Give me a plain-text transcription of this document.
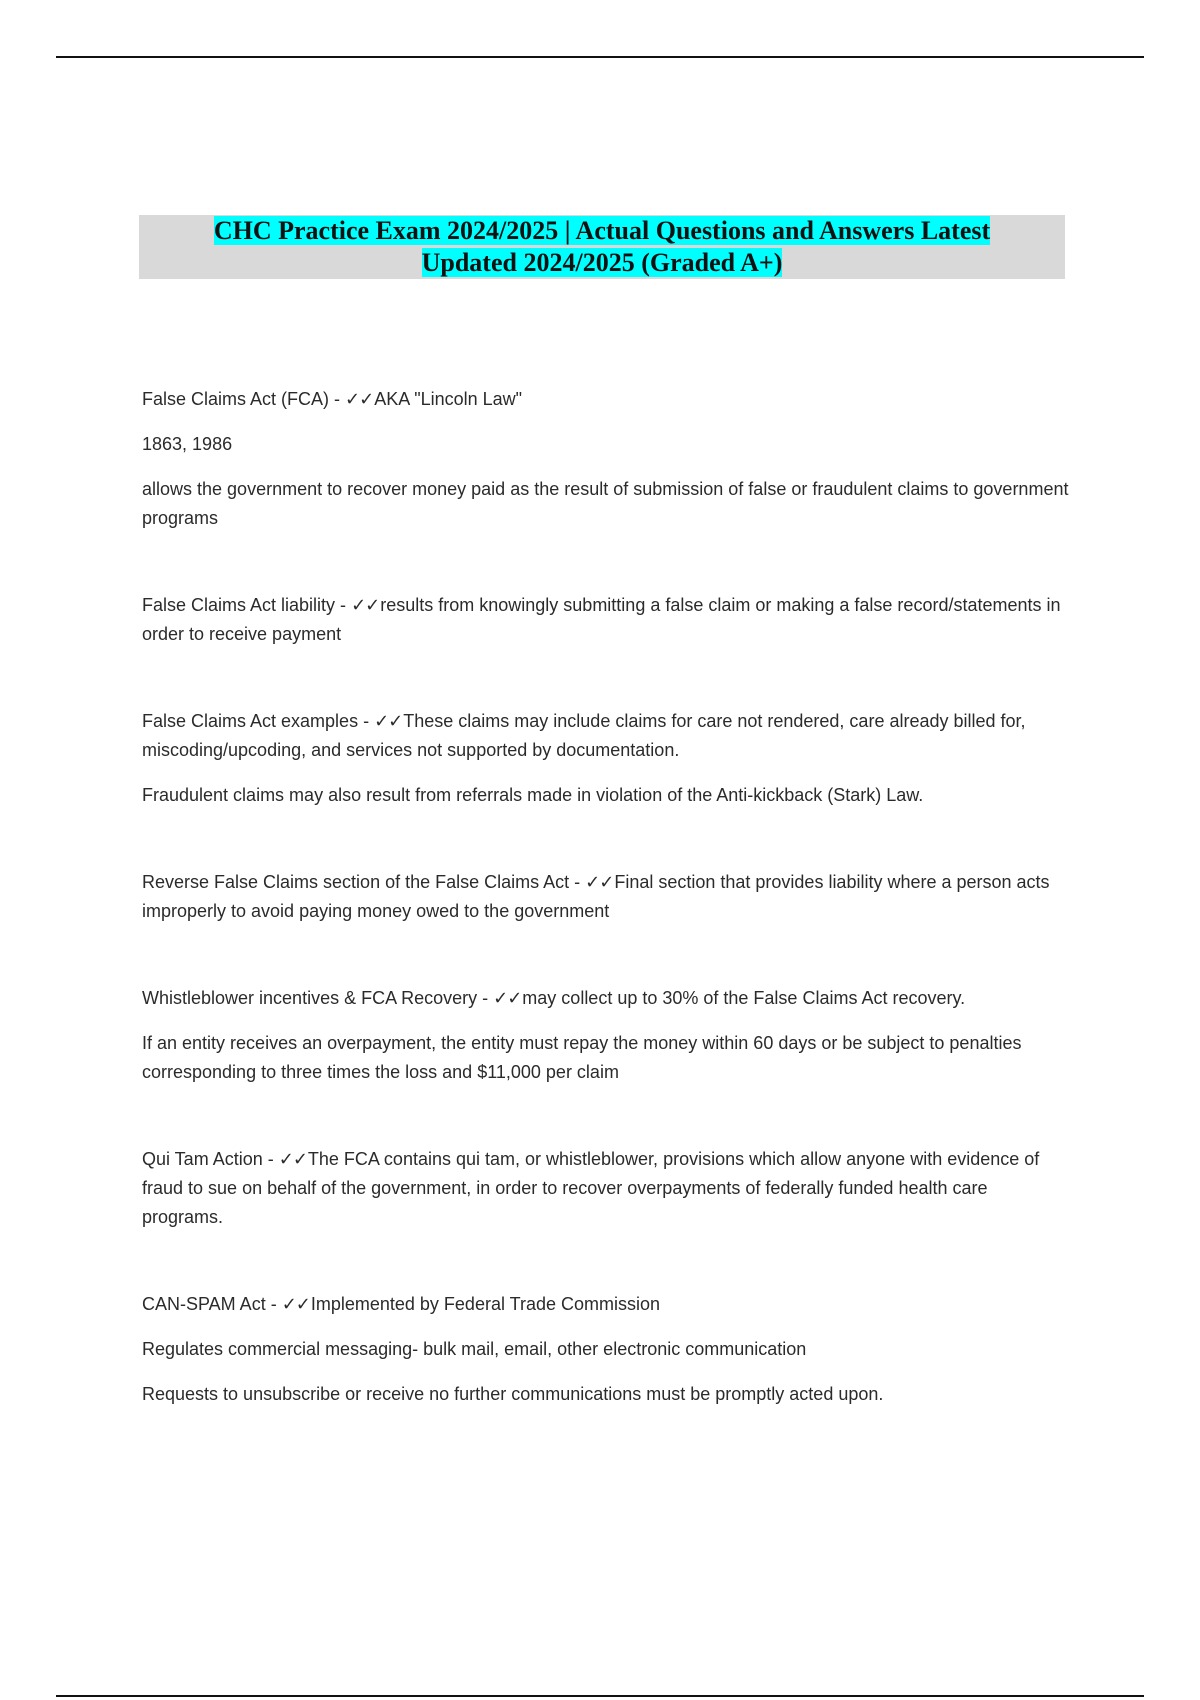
CHC Practice Exam 2024/2025 | Actual Questions and Answers Latest
Updated 2024/2025 (Graded A+)

False Claims Act (FCA) - ✓✓AKA "Lincoln Law"

1863, 1986

allows the government to recover money paid as the result of submission of false or fraudulent claims to government programs

False Claims Act liability - ✓✓results from knowingly submitting a false claim or making a false record/statements in order to receive payment

False Claims Act examples - ✓✓These claims may include claims for care not rendered, care already billed for, miscoding/upcoding, and services not supported by documentation.

Fraudulent claims may also result from referrals made in violation of the Anti-kickback (Stark) Law.

Reverse False Claims section of the False Claims Act - ✓✓Final section that provides liability where a person acts improperly to avoid paying money owed to the government

Whistleblower incentives & FCA Recovery - ✓✓may collect up to 30% of the False Claims Act recovery.

If an entity receives an overpayment, the entity must repay the money within 60 days or be subject to penalties corresponding to three times the loss and $11,000 per claim

Qui Tam Action - ✓✓The FCA contains qui tam, or whistleblower, provisions which allow anyone with evidence of fraud to sue on behalf of the government, in order to recover overpayments of federally funded health care programs.

CAN-SPAM Act - ✓✓Implemented by Federal Trade Commission

Regulates commercial messaging- bulk mail, email, other electronic communication

Requests to unsubscribe or receive no further communications must be promptly acted upon.
